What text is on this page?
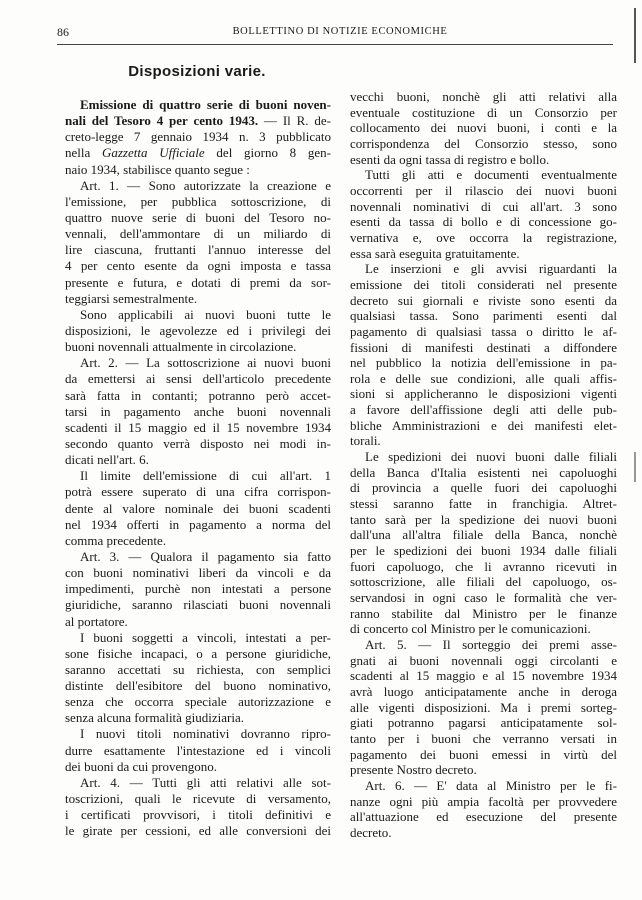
86	BOLLETTINO DI NOTIZIE ECONOMICHE
Disposizioni varie.
Emissione di quattro serie di buoni noven-
nali del Tesoro 4 per cento 1943. — Il R. de-
creto-legge 7 gennaio 1934 n. 3 pubblicato
nella Gazzetta Ufficiale del giorno 8 gen-
naio 1934, stabilisce quanto segue :
Art. 1. — Sono autorizzate la creazione e
l'emissione, per pubblica sottoscrizione, di
quattro nuove serie di buoni del Tesoro no-
vennali, dell'ammontare di un miliardo di
lire ciascuna, fruttanti l'annuo interesse del
4 per cento esente da ogni imposta e tassa
presente e futura, e dotati di premi da sor-
teggiarsi semestralmente.
Sono applicabili ai nuovi buoni tutte le
disposizioni, le agevolezze ed i privilegi dei
buoni novennali attualmente in circolazione.
Art. 2. — La sottoscrizione ai nuovi buoni
da emettersi ai sensi dell'articolo precedente
sarà fatta in contanti; potranno però accet-
tarsi in pagamento anche buoni novennali
scadenti il 15 maggio ed il 15 novembre 1934
secondo quanto verrà disposto nei modi in-
dicati nell'art. 6.
Il limite dell'emissione di cui all'art. 1
potrà essere superato di una cifra corrispon-
dente al valore nominale dei buoni scadenti
nel 1934 offerti in pagamento a norma del
comma precedente.
Art. 3. — Qualora il pagamento sia fatto
con buoni nominativi liberi da vincoli e da
impedimenti, purchè non intestati a persone
giuridiche, saranno rilasciati buoni novennali
al portatore.
I buoni soggetti a vincoli, intestati a per-
sone fisiche incapaci, o a persone giuridiche,
saranno accettati su richiesta, con semplici
distinte dell'esibitore del buono nominativo,
senza che occorra speciale autorizzazione e
senza alcuna formalità giudiziaria.
I nuovi titoli nominativi dovranno ripro-
durre esattamente l'intestazione ed i vincoli
dei buoni da cui provengono.
Art. 4. — Tutti gli atti relativi alle sot-
toscrizioni, quali le ricevute di versamento,
i certificati provvisori, i titoli definitivi e
le girate per cessioni, ed alle conversioni dei
vecchi buoni, nonchè gli atti relativi alla
eventuale costituzione di un Consorzio per
collocamento dei nuovi buoni, i conti e la
corrispondenza del Consorzio stesso, sono
esenti da ogni tassa di registro e bollo.
Tutti gli atti e documenti eventualmente
occorrenti per il rilascio dei nuovi buoni
novennali nominativi di cui all'art. 3 sono
esenti da tassa di bollo e di concessione go-
vernativa e, ove occorra la registrazione,
essa sarà eseguita gratuitamente.
Le inserzioni e gli avvisi riguardanti la
emissione dei titoli considerati nel presente
decreto sui giornali e riviste sono esenti da
qualsiasi tassa. Sono parimenti esenti dal
pagamento di qualsiasi tassa o diritto le af-
fissioni di manifesti destinati a diffondere
nel pubblico la notizia dell'emissione in pa-
rola e delle sue condizioni, alle quali affis-
sioni si applicheranno le disposizioni vigenti
a favore dell'affissione degli atti delle pub-
bliche Amministrazioni e dei manifesti elet-
torali.
Le spedizioni dei nuovi buoni dalle filiali
della Banca d'Italia esistenti nei capoluoghi
di provincia a quelle fuori dei capoluoghi
stessi saranno fatte in franchigia. Altret-
tanto sarà per la spedizione dei nuovi buoni
dall'una all'altra filiale della Banca, nonchè
per le spedizioni dei buoni 1934 dalle filiali
fuori capoluogo, che li avranno ricevuti in
sottoscrizione, alle filiali del capoluogo, os-
servandosi in ogni caso le formalità che ver-
ranno stabilite dal Ministro per le finanze
di concerto col Ministro per le comunicazioni.
Art. 5. — Il sorteggio dei premi asse-
gnati ai buoni novennali oggi circolanti e
scadenti al 15 maggio e al 15 novembre 1934
avrà luogo anticipatamente anche in deroga
alle vigenti disposizioni. Ma i premi sorteg-
giati potranno pagarsi anticipatamente sol-
tanto per i buoni che verranno versati in
pagamento dei buoni emessi in virtù del
presente Nostro decreto.
Art. 6. — E' data al Ministro per le fi-
nanze ogni più ampia facoltà per provvedere
all'attuazione ed esecuzione del presente
decreto.
